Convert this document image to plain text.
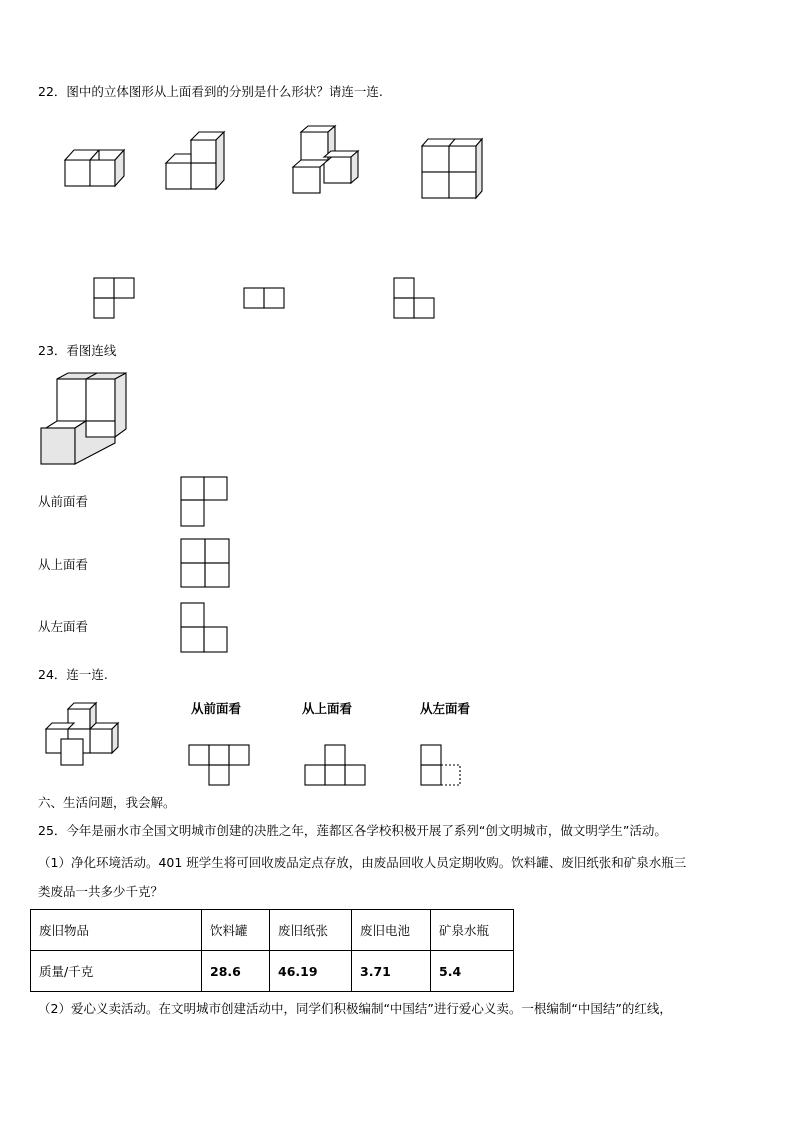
22．图中的立体图形从上面看到的分别是什么形状？请连一连.
23．看图连线
从前面看
从上面看
从左面看
24．连一连.
从前面看	从上面看	从左面看
六、生活问题，我会解。
25．今年是丽水市全国文明城市创建的决胜之年，莲都区各学校积极开展了系列“创文明城市，做文明学生”活动。
（1）净化环境活动。401 班学生将可回收废品定点存放，由废品回收人员定期收购。饮料罐、废旧纸张和矿泉水瓶三
类废品一共多少千克？
废旧物品	饮料罐	废旧纸张	废旧电池	矿泉水瓶
质量/千克	28.6	46.19	3.71	5.4
（2）爱心义卖活动。在文明城市创建活动中，同学们积极编制“中国结”进行爱心义卖。一根编制“中国结”的红线，
